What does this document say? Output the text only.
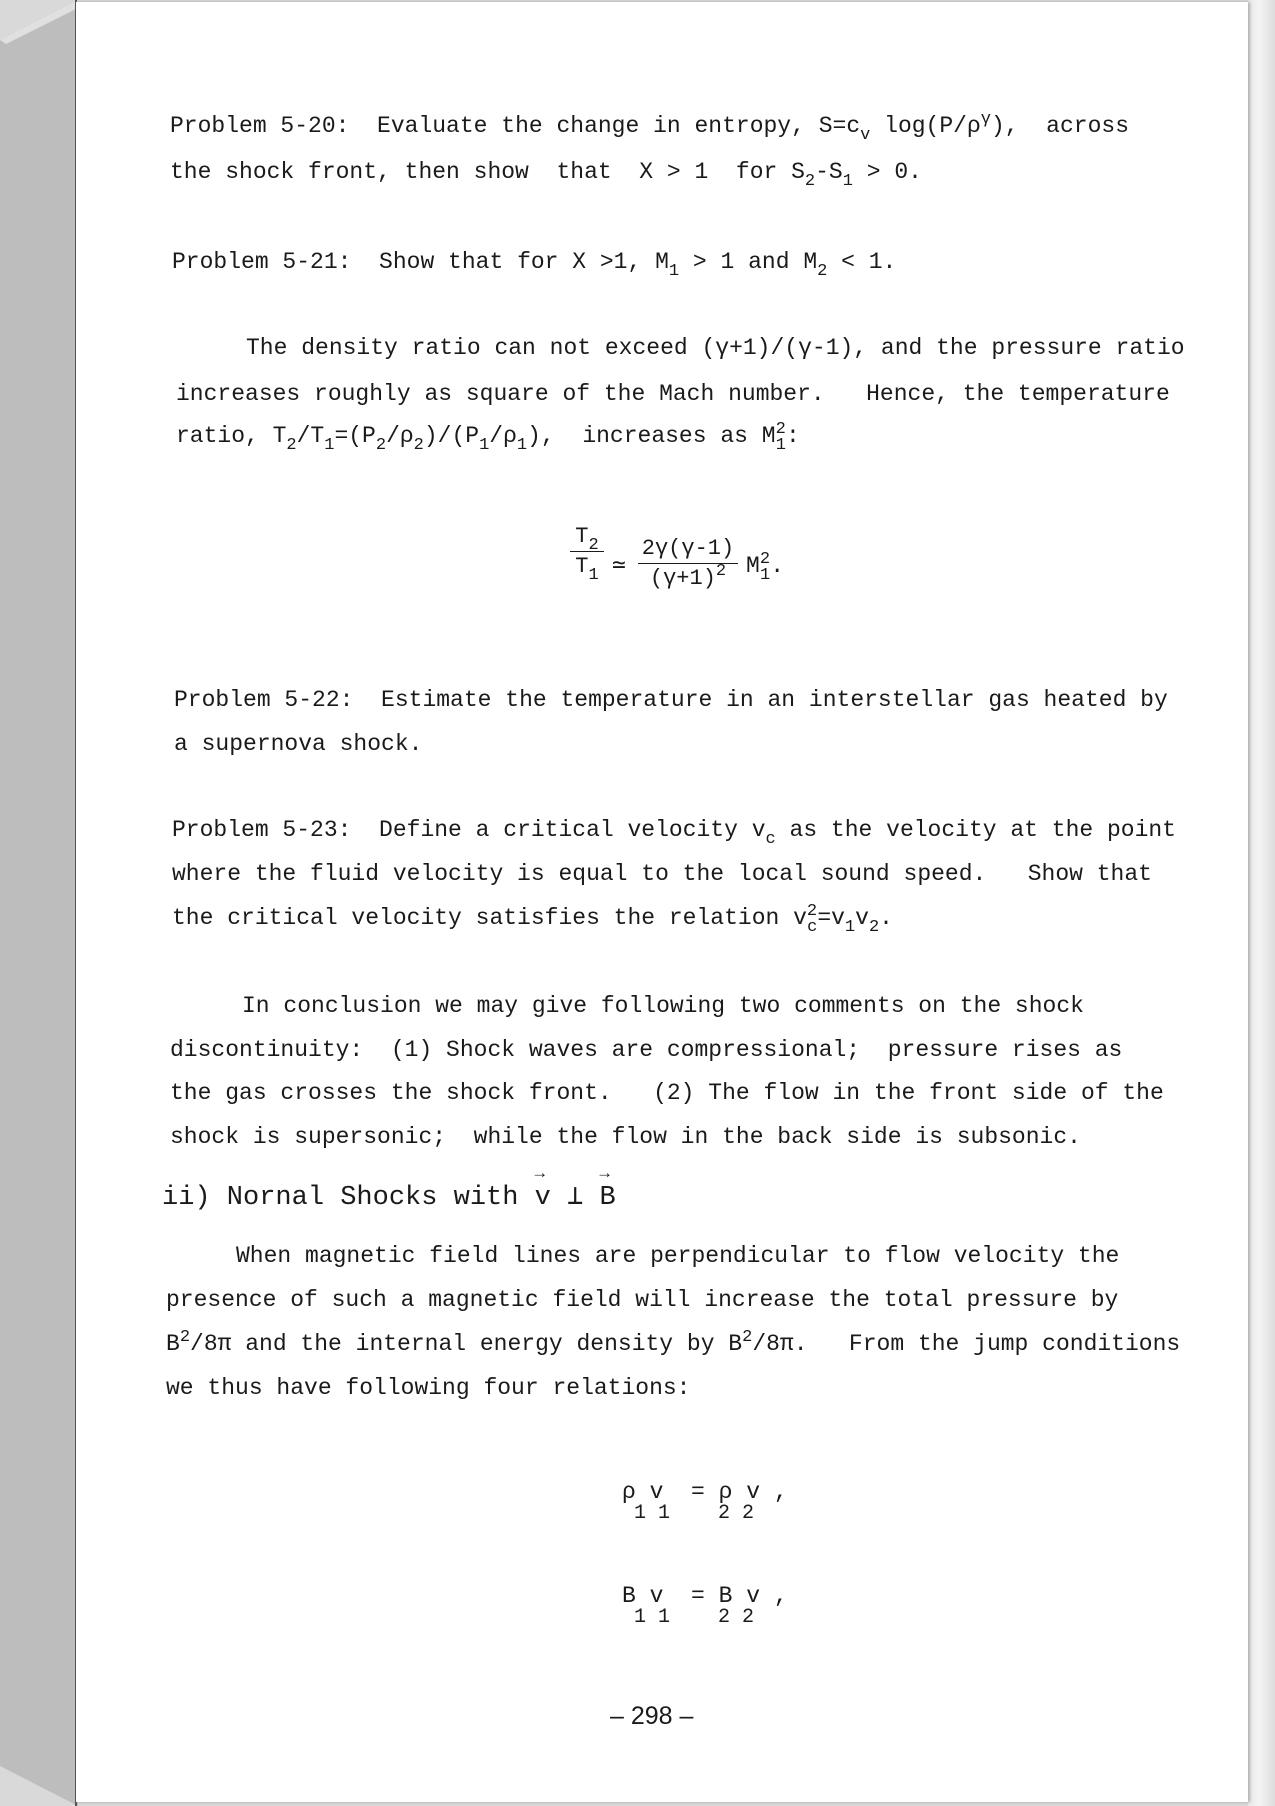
Problem 5-20: Evaluate the change in entropy, $S=c_v$ $\log(P/\rho^\gamma)$,  across
the shock front, then show  that  X > 1  for $S_2-S_1 > 0$.
Problem 5-21: Show that for X >1, $M_1 > 1$ and $M_2 < 1$.
The density ratio can not exceed (γ+1)/(γ-1), and the pressure ratio
increases roughly as square of the Mach number.   Hence, the temperature
ratio, $T_2/T_1=(P_2/\rho_2)/(P_1/\rho_1)$,  increases as $M^2_1$:
$T_2$
$T_1$ ≃
2γ(γ-1)
$(\gamma+1)^2$ $M^2_1$.
Problem 5-22: Estimate the temperature in an interstellar gas heated by
a supernova shock.
Problem 5-23: Define a critical velocity $v_c$ as the velocity at the point
where the fluid velocity is equal to the local sound speed.   Show that
the critical velocity satisfies the relation $v^2_c=v_1v_2$.
In conclusion we may give following two comments on the shock
discontinuity:  (1) Shock waves are compressional;  pressure rises as
the gas crosses the shock front.   (2) The flow in the front side of the
shock is supersonic;  while the flow in the back side is subsonic.
ii) Nornal Shocks with → v ⊥ → B
When magnetic field lines are perpendicular to flow velocity the
presence of such a magnetic field will increase the total pressure by
$B^2/8\pi$ and the internal energy density by $B^2/8\pi$.   From the jump conditions
we thus have following four relations:
ρ v  = ρ v ,
1 1    2 2
B v  = B v ,
1 1    2 2
– 298 –
